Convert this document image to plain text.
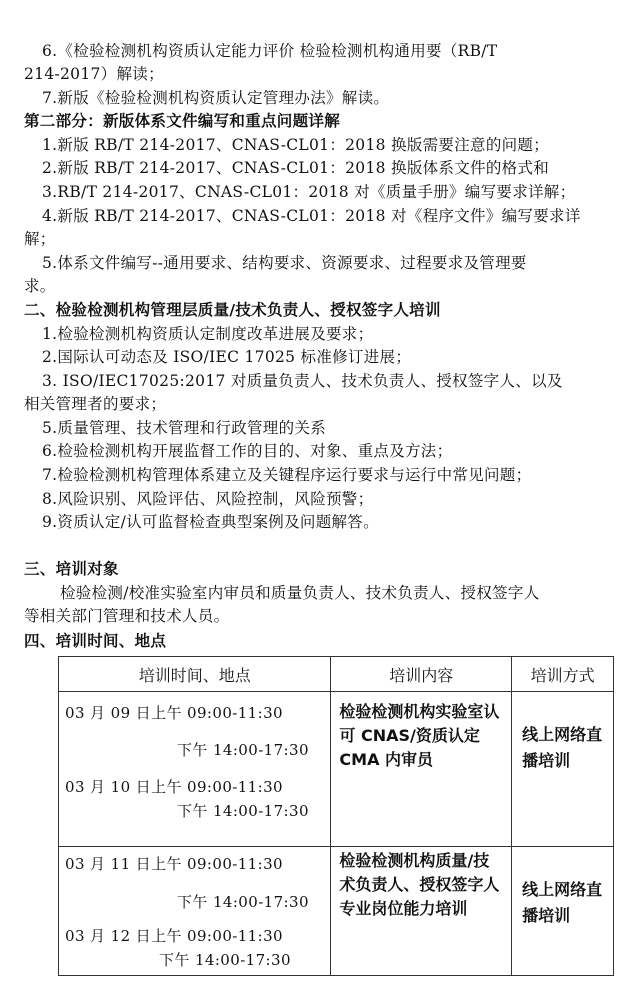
6.《检验检测机构资质认定能力评价 检验检测机构通用要（RB/T
214-2017）解读；
7.新版《检验检测机构资质认定管理办法》解读。
第二部分：新版体系文件编写和重点问题详解
1.新版 RB/T 214-2017、CNAS-CL01：2018 换版需要注意的问题；
2.新版 RB/T 214-2017、CNAS-CL01：2018 换版体系文件的格式和
3.RB/T 214-2017、CNAS-CL01：2018 对《质量手册》编写要求详解；
4.新版 RB/T 214-2017、CNAS-CL01：2018 对《程序文件》编写要求详
解；
5.体系文件编写--通用要求、结构要求、资源要求、过程要求及管理要
求。
二、检验检测机构管理层质量/技术负责人、授权签字人培训
1.检验检测机构资质认定制度改革进展及要求；
2.国际认可动态及 ISO/IEC 17025 标准修订进展；
3. ISO/IEC17025:2017 对质量负责人、技术负责人、授权签字人、以及
相关管理者的要求；
5.质量管理、技术管理和行政管理的关系
6.检验检测机构开展监督工作的目的、对象、重点及方法；
7.检验检测机构管理体系建立及关键程序运行要求与运行中常见问题；
8.风险识别、风险评估、风险控制，风险预警；
9.资质认定/认可监督检查典型案例及问题解答。
三、培训对象
检验检测/校准实验室内审员和质量负责人、技术负责人、授权签字人
等相关部门管理和技术人员。
四、培训时间、地点
培训时间、地点	培训内容	培训方式

03 月 09 日上午 09:00-11:30
下午 14:00-17:30
03 月 10 日上午 09:00-11:30
下午 14:00-17:30	检验检测机构实验室认可 CNAS/资质认定 CMA 内审员	线上网络直播培训

03 月 11 日上午 09:00-11:30
下午 14:00-17:30
03 月 12 日上午 09:00-11:30
下午 14:00-17:30	检验检测机构质量/技术负责人、授权签字人专业岗位能力培训	线上网络直播培训
